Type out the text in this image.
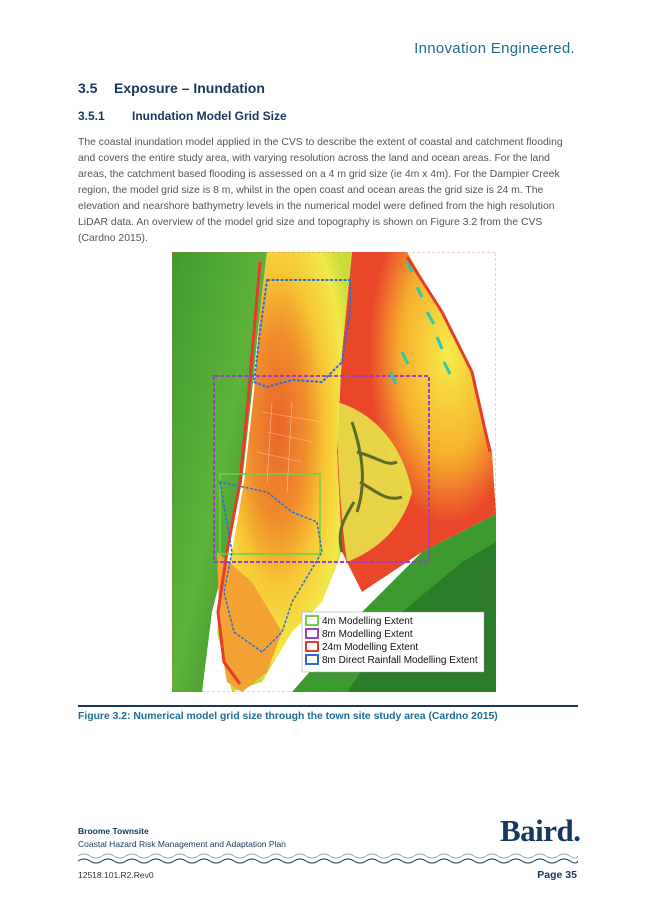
Innovation Engineered.
3.5 Exposure – Inundation
3.5.1 Inundation Model Grid Size

The coastal inundation model applied in the CVS to describe the extent of coastal and catchment flooding and covers the entire study area, with varying resolution across the land and ocean areas. For the land areas, the catchment based flooding is assessed on a 4 m grid size (ie 4m x 4m). For the Dampier Creek region, the model grid size is 8 m, whilst in the open coast and ocean areas the grid size is 24 m. The elevation and nearshore bathymetry levels in the numerical model were defined from the high resolution LiDAR data. An overview of the model grid size and topography is shown on Figure 3.2 from the CVS (Cardno 2015).

4m Modelling Extent
8m Modelling Extent
24m Modelling Extent
8m Direct Rainfall Modelling Extent
Figure 3.2: Numerical model grid size through the town site study area (Cardno 2015)
Broome Townsite
Coastal Hazard Risk Management and Adaptation Plan	Baird.
12518.101.R2.Rev0	Page 35
